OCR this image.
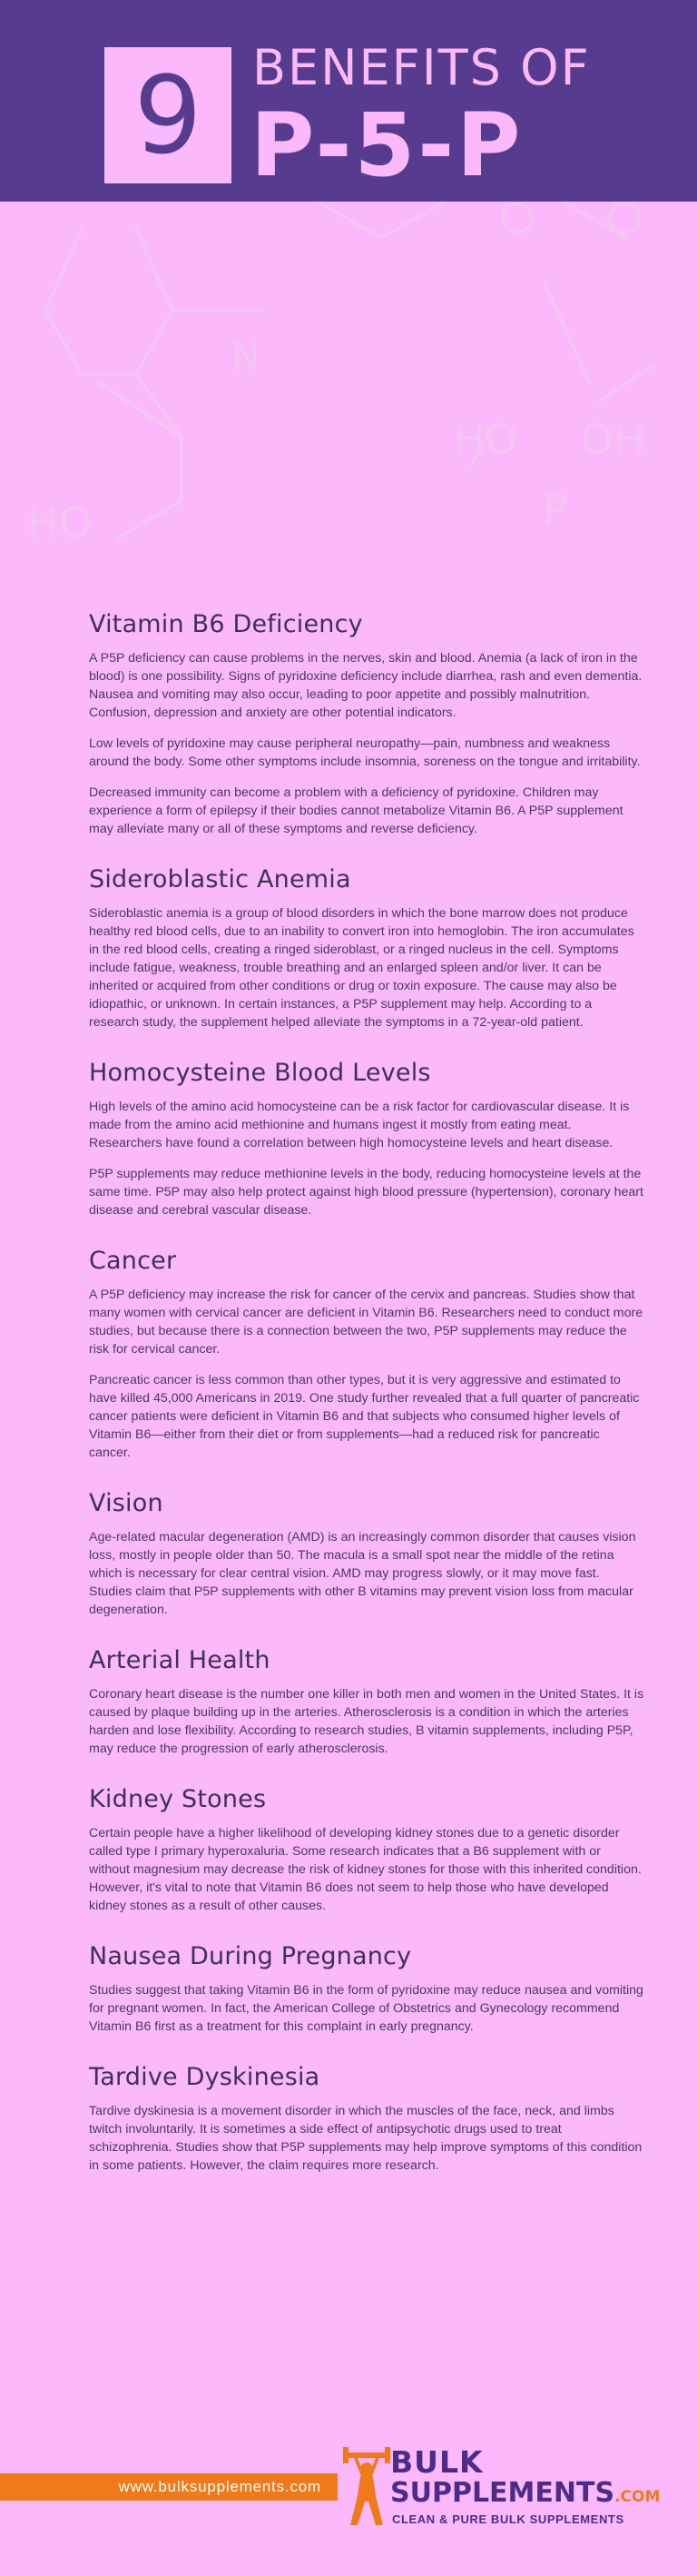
9 BENEFITS OF
P-5-P
N
HO
HO OH
P
Vitamin B6 Deficiency

A P5P deficiency can cause problems in the nerves, skin and blood. Anemia (a lack of iron in the blood) is one possibility. Signs of pyridoxine deficiency include diarrhea, rash and even dementia. Nausea and vomiting may also occur, leading to poor appetite and possibly malnutrition. Confusion, depression and anxiety are other potential indicators.

Low levels of pyridoxine may cause peripheral neuropathy—pain, numbness and weakness around the body. Some other symptoms include insomnia, soreness on the tongue and irritability.

Decreased immunity can become a problem with a deficiency of pyridoxine. Children may experience a form of epilepsy if their bodies cannot metabolize Vitamin B6. A P5P supplement may alleviate many or all of these symptoms and reverse deficiency.

Sideroblastic Anemia

Sideroblastic anemia is a group of blood disorders in which the bone marrow does not produce healthy red blood cells, due to an inability to convert iron into hemoglobin. The iron accumulates in the red blood cells, creating a ringed sideroblast, or a ringed nucleus in the cell. Symptoms include fatigue, weakness, trouble breathing and an enlarged spleen and/or liver. It can be inherited or acquired from other conditions or drug or toxin exposure. The cause may also be idiopathic, or unknown. In certain instances, a P5P supplement may help. According to a research study, the supplement helped alleviate the symptoms in a 72-year-old patient.

Homocysteine Blood Levels

High levels of the amino acid homocysteine can be a risk factor for cardiovascular disease. It is made from the amino acid methionine and humans ingest it mostly from eating meat. Researchers have found a correlation between high homocysteine levels and heart disease.

P5P supplements may reduce methionine levels in the body, reducing homocysteine levels at the same time. P5P may also help protect against high blood pressure (hypertension), coronary heart disease and cerebral vascular disease.

Cancer

A P5P deficiency may increase the risk for cancer of the cervix and pancreas. Studies show that many women with cervical cancer are deficient in Vitamin B6. Researchers need to conduct more studies, but because there is a connection between the two, P5P supplements may reduce the risk for cervical cancer.

Pancreatic cancer is less common than other types, but it is very aggressive and estimated to have killed 45,000 Americans in 2019. One study further revealed that a full quarter of pancreatic cancer patients were deficient in Vitamin B6 and that subjects who consumed higher levels of Vitamin B6—either from their diet or from supplements—had a reduced risk for pancreatic cancer.

Vision

Age-related macular degeneration (AMD) is an increasingly common disorder that causes vision loss, mostly in people older than 50. The macula is a small spot near the middle of the retina which is necessary for clear central vision. AMD may progress slowly, or it may move fast. Studies claim that P5P supplements with other B vitamins may prevent vision loss from macular degeneration.

Arterial Health

Coronary heart disease is the number one killer in both men and women in the United States. It is caused by plaque building up in the arteries. Atherosclerosis is a condition in which the arteries harden and lose flexibility. According to research studies, B vitamin supplements, including P5P, may reduce the progression of early atherosclerosis.

Kidney Stones

Certain people have a higher likelihood of developing kidney stones due to a genetic disorder called type I primary hyperoxaluria. Some research indicates that a B6 supplement with or without magnesium may decrease the risk of kidney stones for those with this inherited condition. However, it's vital to note that Vitamin B6 does not seem to help those who have developed kidney stones as a result of other causes.

Nausea During Pregnancy

Studies suggest that taking Vitamin B6 in the form of pyridoxine may reduce nausea and vomiting for pregnant women. In fact, the American College of Obstetrics and Gynecology recommend Vitamin B6 first as a treatment for this complaint in early pregnancy.

Tardive Dyskinesia

Tardive dyskinesia is a movement disorder in which the muscles of the face, neck, and limbs twitch involuntarily. It is sometimes a side effect of antipsychotic drugs used to treat schizophrenia. Studies show that P5P supplements may help improve symptoms of this condition in some patients. However, the claim requires more research.

www.bulksupplements.com
BULK
SUPPLEMENTS.COM
CLEAN & PURE BULK SUPPLEMENTS
